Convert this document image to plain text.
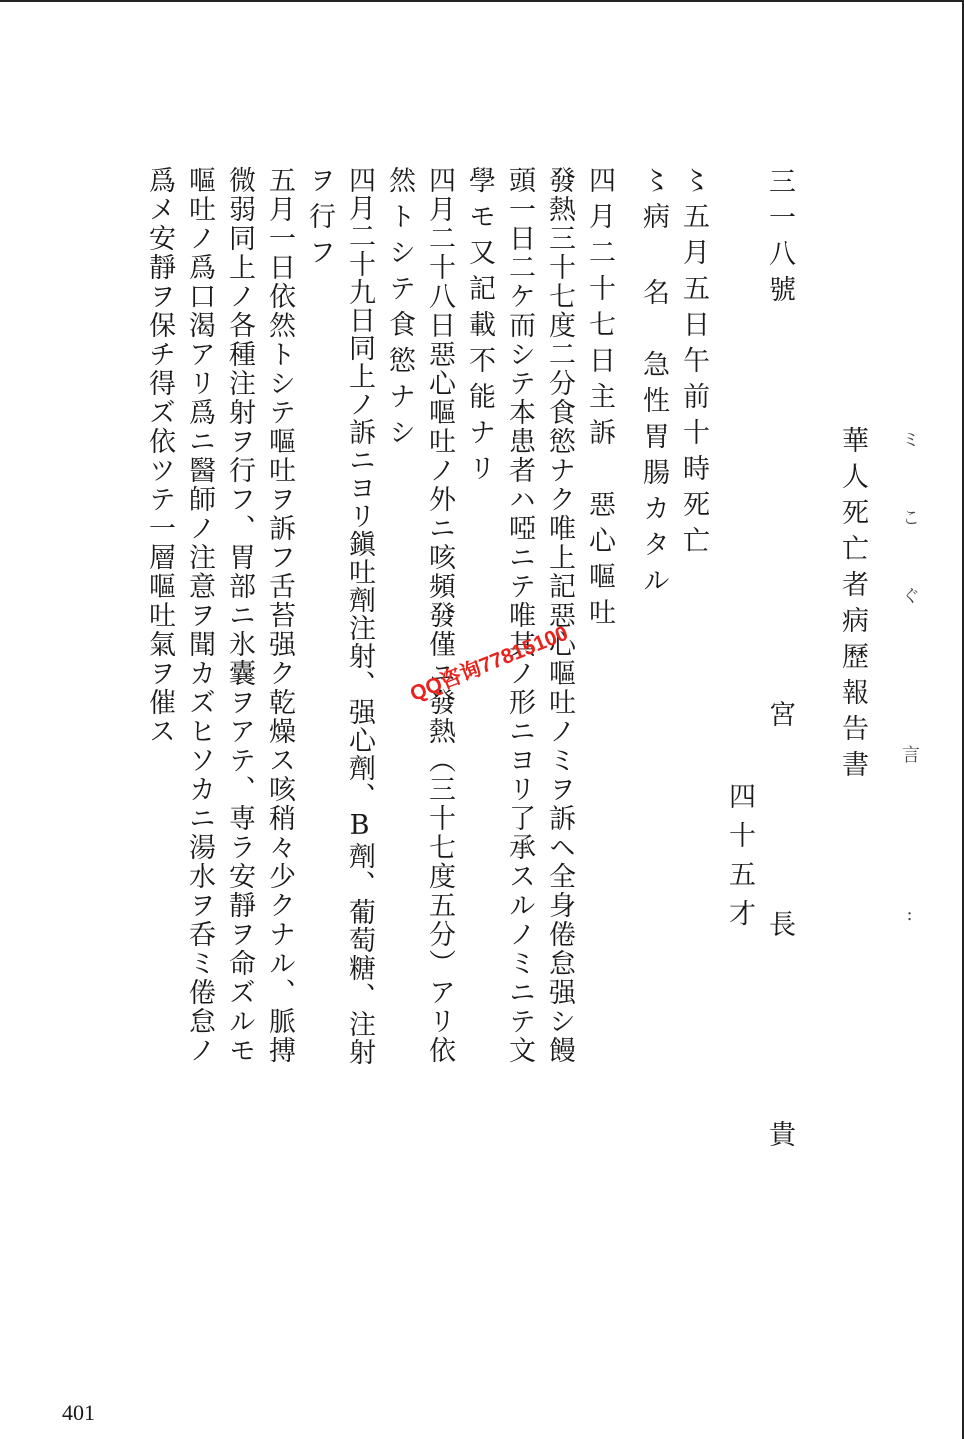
華人死亡者病歷報告書 ミこぐ 言 :
三一八號
宮 長 貴
四十五才
〻五月五日午前十時死亡
〻病 名　急性胃腸カタル
四月二十七日主訴　惡心嘔吐
發熱三十七度二分食慾ナク唯上記惡心嘔吐ノミヲ訴ヘ全身倦怠强シ饅
頭一日二ケ而シテ本患者ハ啞ニテ唯其ノ形ニヨリ了承スルノミニテ文
學モ又記載不能ナリ
四月二十八日惡心嘔吐ノ外ニ咳頻發僅ニ發熱（三十七度五分）アリ依
然トシテ食慾ナシ
四月二十九日同上ノ訴ニヨリ鎭吐劑注射、强心劑、B劑、葡萄糖、注射
ヲ行フ
五月一日依然トシテ嘔吐ヲ訴フ舌苔强ク乾燥ス咳稍々少クナル、脈搏
微弱同上ノ各種注射ヲ行フ、胃部ニ氷囊ヲアテ、専ラ安靜ヲ命ズルモ
嘔吐ノ爲口渴アリ爲ニ醫師ノ注意ヲ聞カズヒソカニ湯水ヲ呑ミ倦怠ノ
爲メ安靜ヲ保チ得ズ依ツテ一層嘔吐氣ヲ催ス	QQ咨询77815100
401
